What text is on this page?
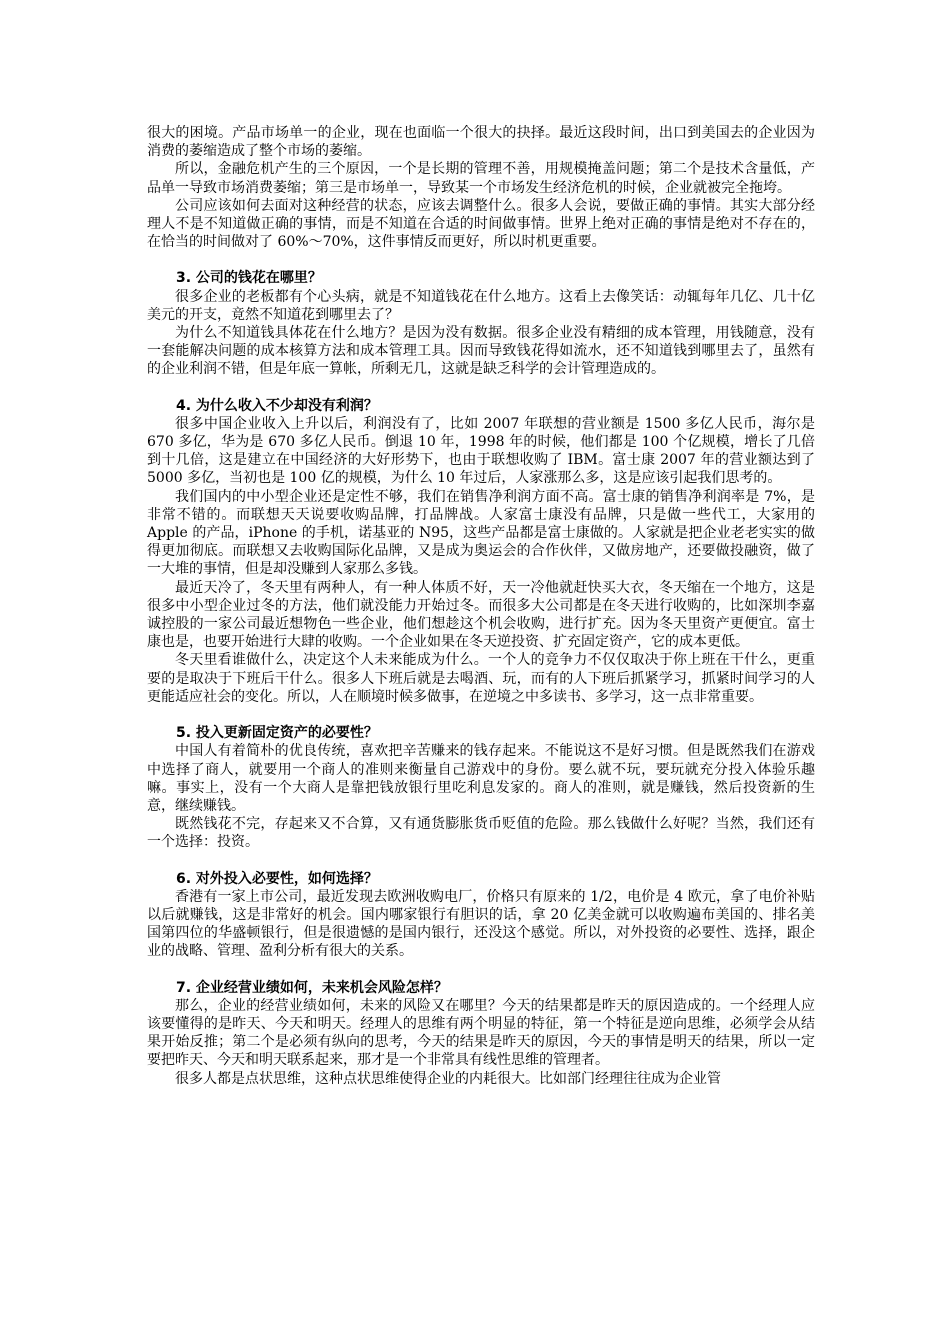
很大的困境。产品市场单一的企业，现在也面临一个很大的抉择。最近这段时间，出口到美国去的企业因为消费的萎缩造成了整个市场的萎缩。

所以，金融危机产生的三个原因，一个是长期的管理不善，用规模掩盖问题；第二个是技术含量低，产品单一导致市场消费萎缩；第三是市场单一，导致某一个市场发生经济危机的时候，企业就被完全拖垮。

公司应该如何去面对这种经营的状态，应该去调整什么。很多人会说，要做正确的事情。其实大部分经理人不是不知道做正确的事情，而是不知道在合适的时间做事情。世界上绝对正确的事情是绝对不存在的，在恰当的时间做对了 60%～70%，这件事情反而更好，所以时机更重要。

3. 公司的钱花在哪里？

很多企业的老板都有个心头病，就是不知道钱花在什么地方。这看上去像笑话：动辄每年几亿、几十亿美元的开支，竟然不知道花到哪里去了？

为什么不知道钱具体花在什么地方？是因为没有数据。很多企业没有精细的成本管理，用钱随意，没有一套能解决问题的成本核算方法和成本管理工具。因而导致钱花得如流水，还不知道钱到哪里去了，虽然有的企业利润不错，但是年底一算帐，所剩无几，这就是缺乏科学的会计管理造成的。

4. 为什么收入不少却没有利润？

很多中国企业收入上升以后，利润没有了，比如 2007 年联想的营业额是 1500 多亿人民币，海尔是 670 多亿，华为是 670 多亿人民币。倒退 10 年，1998 年的时候，他们都是 100 个亿规模，增长了几倍到十几倍，这是建立在中国经济的大好形势下，也由于联想收购了 IBM。富士康 2007 年的营业额达到了 5000 多亿，当初也是 100 亿的规模，为什么 10 年过后，人家涨那么多，这是应该引起我们思考的。

我们国内的中小型企业还是定性不够，我们在销售净利润方面不高。富士康的销售净利润率是 7%，是非常不错的。而联想天天说要收购品牌，打品牌战。人家富士康没有品牌，只是做一些代工，大家用的 Apple 的产品，iPhone 的手机，诺基亚的 N95，这些产品都是富士康做的。人家就是把企业老老实实的做得更加彻底。而联想又去收购国际化品牌，又是成为奥运会的合作伙伴，又做房地产，还要做投融资，做了一大堆的事情，但是却没赚到人家那么多钱。

最近天冷了，冬天里有两种人，有一种人体质不好，天一冷他就赶快买大衣，冬天缩在一个地方，这是很多中小型企业过冬的方法，他们就没能力开始过冬。而很多大公司都是在冬天进行收购的，比如深圳李嘉诚控股的一家公司最近想物色一些企业，他们想趁这个机会收购，进行扩充。因为冬天里资产更便宜。富士康也是，也要开始进行大肆的收购。一个企业如果在冬天逆投资、扩充固定资产，它的成本更低。

冬天里看谁做什么，决定这个人未来能成为什么。一个人的竞争力不仅仅取决于你上班在干什么，更重要的是取决于下班后干什么。很多人下班后就是去喝酒、玩，而有的人下班后抓紧学习，抓紧时间学习的人更能适应社会的变化。所以，人在顺境时候多做事，在逆境之中多读书、多学习，这一点非常重要。

5. 投入更新固定资产的必要性？

中国人有着简朴的优良传统，喜欢把辛苦赚来的钱存起来。不能说这不是好习惯。但是既然我们在游戏中选择了商人，就要用一个商人的准则来衡量自己游戏中的身份。要么就不玩，要玩就充分投入体验乐趣嘛。事实上，没有一个大商人是靠把钱放银行里吃利息发家的。商人的准则，就是赚钱，然后投资新的生意，继续赚钱。

既然钱花不完，存起来又不合算，又有通货膨胀货币贬值的危险。那么钱做什么好呢？当然，我们还有一个选择：投资。

6. 对外投入必要性，如何选择？

香港有一家上市公司，最近发现去欧洲收购电厂，价格只有原来的 1/2，电价是 4 欧元，拿了电价补贴以后就赚钱，这是非常好的机会。国内哪家银行有胆识的话，拿 20 亿美金就可以收购遍布美国的、排名美国第四位的华盛顿银行，但是很遗憾的是国内银行，还没这个感觉。所以，对外投资的必要性、选择，跟企业的战略、管理、盈利分析有很大的关系。

7. 企业经营业绩如何，未来机会风险怎样？

那么，企业的经营业绩如何，未来的风险又在哪里？今天的结果都是昨天的原因造成的。一个经理人应该要懂得的是昨天、今天和明天。经理人的思维有两个明显的特征，第一个特征是逆向思维，必须学会从结果开始反推；第二个是必须有纵向的思考，今天的结果是昨天的原因，今天的事情是明天的结果，所以一定要把昨天、今天和明天联系起来，那才是一个非常具有线性思维的管理者。

很多人都是点状思维，这种点状思维使得企业的内耗很大。比如部门经理往往成为企业管
